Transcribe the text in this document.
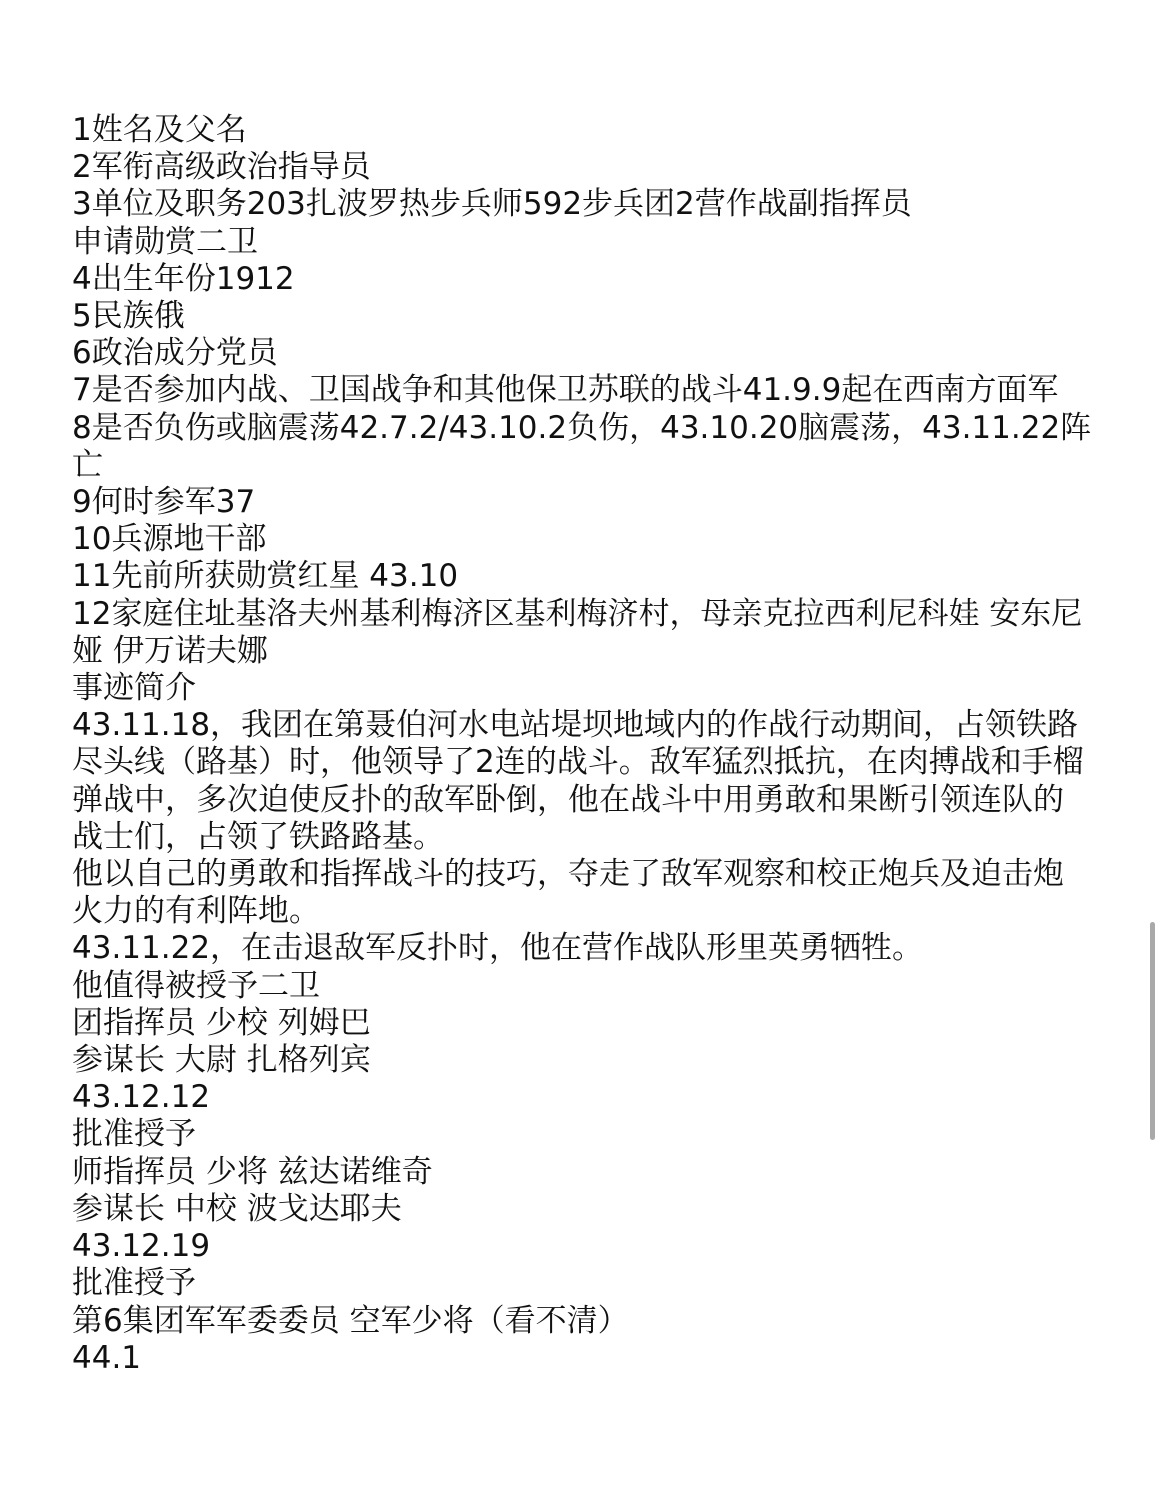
1姓名及父名

2军衔高级政治指导员

3单位及职务203扎波罗热步兵师592步兵团2营作战副指挥员

申请勋赏二卫

4出生年份1912

5民族俄

6政治成分党员

7是否参加内战、卫国战争和其他保卫苏联的战斗41.9.9起在西南方面军

8是否负伤或脑震荡42.7.2/43.10.2负伤，43.10.20脑震荡，43.11.22阵亡

9何时参军37

10兵源地干部

11先前所获勋赏红星 43.10

12家庭住址基洛夫州基利梅济区基利梅济村，母亲克拉西利尼科娃 安东尼娅 伊万诺夫娜

事迹简介

43.11.18，我团在第聂伯河水电站堤坝地域内的作战行动期间，占领铁路尽头线（路基）时，他领导了2连的战斗。敌军猛烈抵抗，在肉搏战和手榴弹战中，多次迫使反扑的敌军卧倒，他在战斗中用勇敢和果断引领连队的战士们，占领了铁路路基。

他以自己的勇敢和指挥战斗的技巧，夺走了敌军观察和校正炮兵及迫击炮火力的有利阵地。

43.11.22，在击退敌军反扑时，他在营作战队形里英勇牺牲。

他值得被授予二卫

团指挥员 少校 列姆巴

参谋长 大尉 扎格列宾

43.12.12

批准授予

师指挥员 少将 兹达诺维奇

参谋长 中校 波戈达耶夫

43.12.19

批准授予

第6集团军军委委员 空军少将（看不清）

44.1
